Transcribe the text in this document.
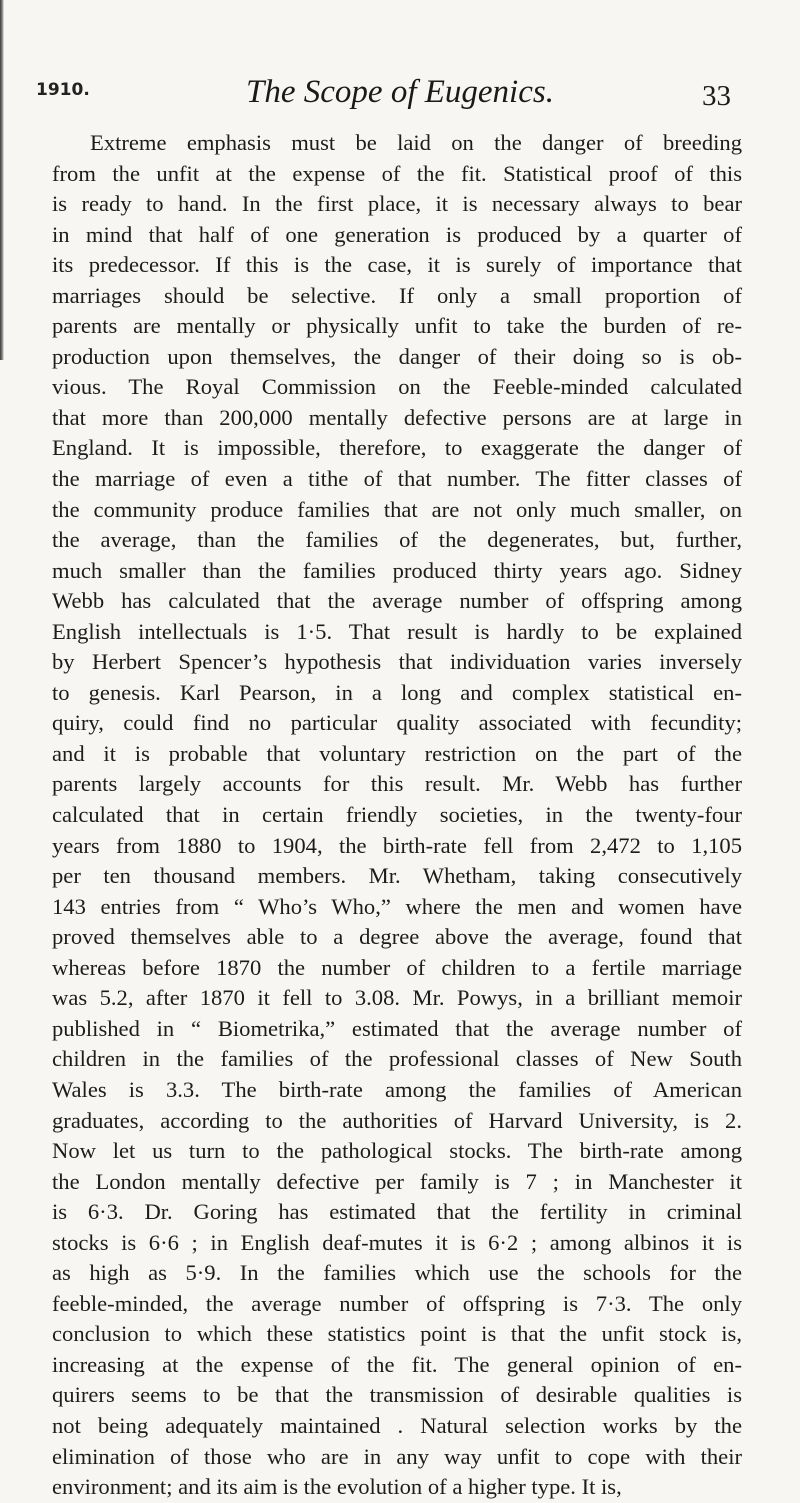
1910.	The Scope of Eugenics.	33

Extreme emphasis must be laid on the danger of breeding
from the unfit at the expense of the fit. Statistical proof of this
is ready to hand. In the first place, it is necessary always to bear
in mind that half of one generation is produced by a quarter of
its predecessor. If this is the case, it is surely of importance that
marriages should be selective. If only a small proportion of
parents are mentally or physically unfit to take the burden of re-
production upon themselves, the danger of their doing so is ob-
vious. The Royal Commission on the Feeble-minded calculated
that more than 200,000 mentally defective persons are at large in
England. It is impossible, therefore, to exaggerate the danger of
the marriage of even a tithe of that number. The fitter classes of
the community produce families that are not only much smaller, on
the average, than the families of the degenerates, but, further,
much smaller than the families produced thirty years ago. Sidney
Webb has calculated that the average number of offspring among
English intellectuals is 1·5. That result is hardly to be explained
by Herbert Spencer’s hypothesis that individuation varies inversely
to genesis. Karl Pearson, in a long and complex statistical en-
quiry, could find no particular quality associated with fecundity;
and it is probable that voluntary restriction on the part of the
parents largely accounts for this result. Mr. Webb has further
calculated that in certain friendly societies, in the twenty-four
years from 1880 to 1904, the birth-rate fell from 2,472 to 1,105
per ten thousand members. Mr. Whetham, taking consecutively
143 entries from “ Who’s Who,” where the men and women have
proved themselves able to a degree above the average, found that
whereas before 1870 the number of children to a fertile marriage
was 5.2, after 1870 it fell to 3.08. Mr. Powys, in a brilliant memoir
published in “ Biometrika,” estimated that the average number of
children in the families of the professional classes of New South
Wales is 3.3. The birth-rate among the families of American
graduates, according to the authorities of Harvard University, is 2.
Now let us turn to the pathological stocks. The birth-rate among
the London mentally defective per family is 7 ; in Manchester it
is 6·3. Dr. Goring has estimated that the fertility in criminal
stocks is 6·6 ; in English deaf-mutes it is 6·2 ; among albinos it is
as high as 5·9. In the families which use the schools for the
feeble-minded, the average number of offspring is 7·3. The only
conclusion to which these statistics point is that the unfit stock is,
increasing at the expense of the fit. The general opinion of en-
quirers seems to be that the transmission of desirable qualities is
not being adequately maintained . Natural selection works by the
elimination of those who are in any way unfit to cope with their
environment; and its aim is the evolution of a higher type. It is,
